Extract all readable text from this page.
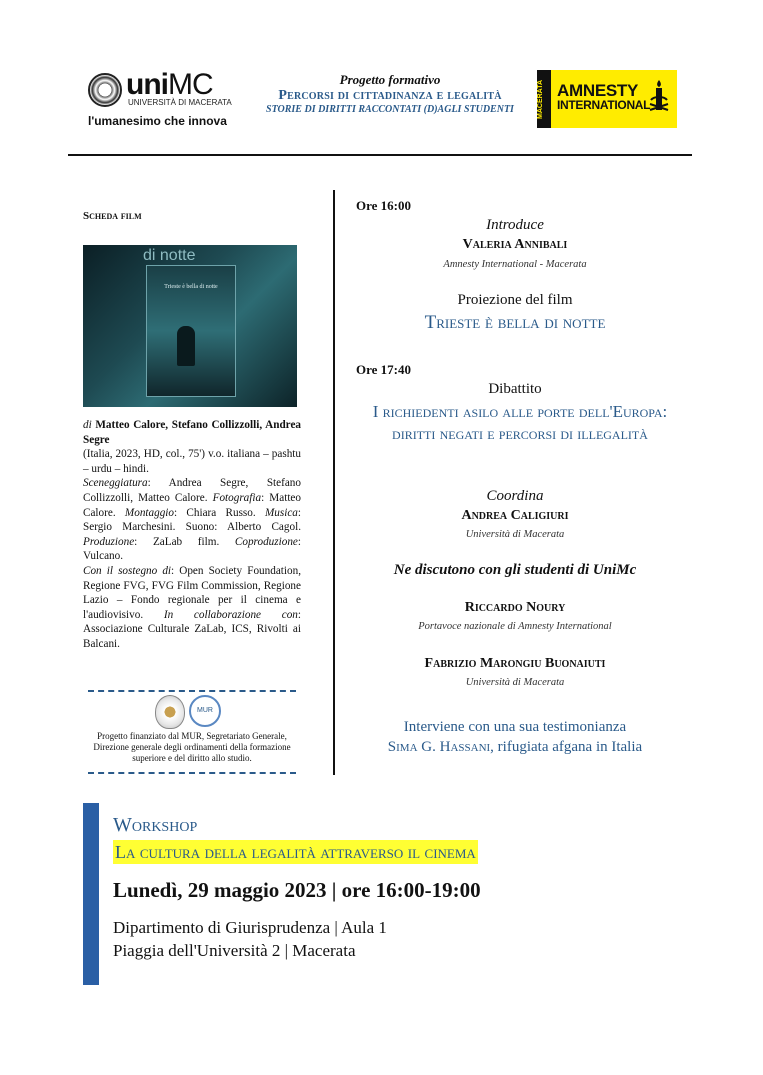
uniMC
UNIVERSITÀ DI MACERATA
l'umanesimo che innova
Progetto formativo
Percorsi di cittadinanza e legalità
STORIE DI DIRITTI RACCONTATI (D)AGLI STUDENTI	MACERATA AMNESTY
INTERNATIONAL
Scheda film
di notte
Trieste è bella di notte
di Matteo Calore, Stefano Collizzolli, Andrea Segre
(Italia, 2023, HD, col., 75') v.o. italiana – pashtu – urdu – hindi.
Sceneggiatura: Andrea Segre, Stefano Collizzolli, Matteo Calore. Fotografia: Matteo Calore. Montaggio: Chiara Russo. Musica: Sergio Marchesini. Suono: Alberto Cagol. Produzione: ZaLab film. Coproduzione: Vulcano.
Con il sostegno di: Open Society Foundation, Regione FVG, FVG Film Commission, Regione Lazio – Fondo regionale per il cinema e l'audiovisivo. In collaborazione con: Associazione Culturale ZaLab, ICS, Rivolti ai Balcani.
MUR
Progetto finanziato dal MUR, Segretariato Generale, Direzione generale degli ordinamenti della formazione superiore e del diritto allo studio.
Ore 16:00
Introduce
Valeria Annibali
Amnesty International - Macerata
Proiezione del film
Trieste è bella di notte
Ore 17:40
Dibattito
I richiedenti asilo alle porte dell'Europa: diritti negati e percorsi di illegalità
Coordina
Andrea Caligiuri
Università di Macerata
Ne discutono con gli studenti di UniMc
Riccardo Noury
Portavoce nazionale di Amnesty International
Fabrizio Marongiu Buonaiuti
Università di Macerata
Interviene con una sua testimonianza
Sima G. Hassani, rifugiata afgana in Italia
Workshop
La cultura della legalità attraverso il cinema
Lunedì, 29 maggio 2023 | ore 16:00-19:00
Dipartimento di Giurisprudenza | Aula 1
Piaggia dell'Università 2 | Macerata
